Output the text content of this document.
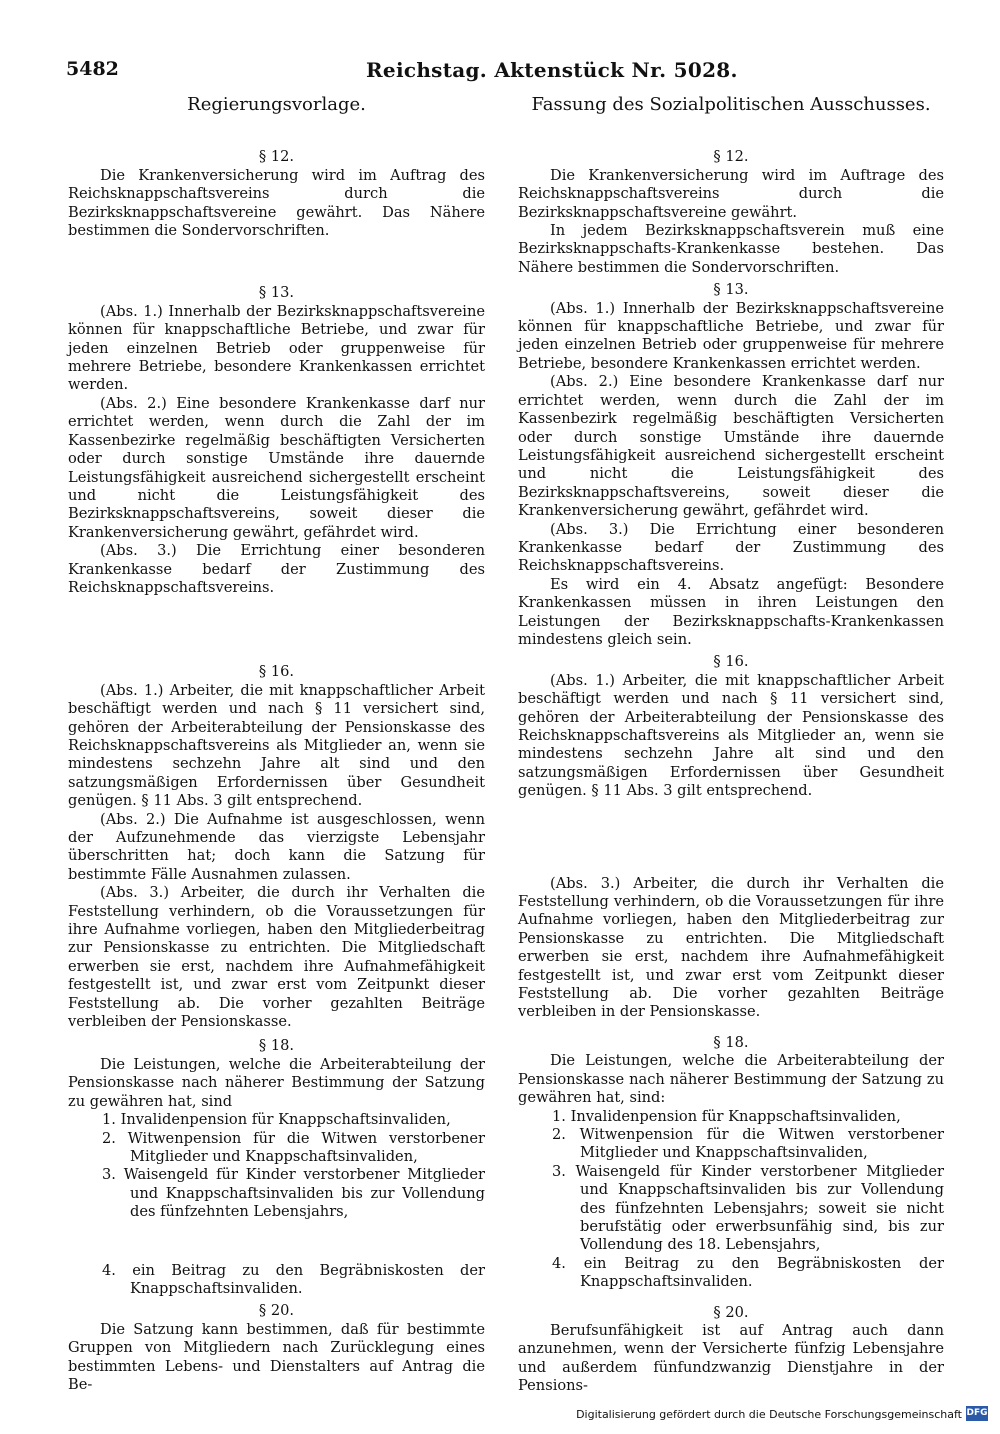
5482	Reichstag. Aktenstück Nr. 5028.
Regierungsvorlage.
§ 12.

Die Krankenversicherung wird im Auftrag des Reichsknappschaftsvereins durch die Bezirksknappschaftsvereine gewährt. Das Nähere bestimmen die Sondervorschriften.

§ 13.

(Abs. 1.) Innerhalb der Bezirksknappschaftsvereine können für knappschaftliche Betriebe, und zwar für jeden einzelnen Betrieb oder gruppenweise für mehrere Betriebe, besondere Krankenkassen errichtet werden.

(Abs. 2.) Eine besondere Krankenkasse darf nur errichtet werden, wenn durch die Zahl der im Kassenbezirke regelmäßig beschäftigten Versicherten oder durch sonstige Umstände ihre dauernde Leistungsfähigkeit ausreichend sichergestellt erscheint und nicht die Leistungsfähigkeit des Bezirksknappschaftsvereins, soweit dieser die Krankenversicherung gewährt, gefährdet wird.

(Abs. 3.) Die Errichtung einer besonderen Krankenkasse bedarf der Zustimmung des Reichsknappschaftsvereins.

§ 16.

(Abs. 1.) Arbeiter, die mit knappschaftlicher Arbeit beschäftigt werden und nach § 11 versichert sind, gehören der Arbeiterabteilung der Pensionskasse des Reichsknappschaftsvereins als Mitglieder an, wenn sie mindestens sechzehn Jahre alt sind und den satzungsmäßigen Erfordernissen über Gesundheit genügen. § 11 Abs. 3 gilt entsprechend.

(Abs. 2.) Die Aufnahme ist ausgeschlossen, wenn der Aufzunehmende das vierzigste Lebensjahr überschritten hat; doch kann die Satzung für bestimmte Fälle Ausnahmen zulassen.

(Abs. 3.) Arbeiter, die durch ihr Verhalten die Feststellung verhindern, ob die Voraussetzungen für ihre Aufnahme vorliegen, haben den Mitgliederbeitrag zur Pensionskasse zu entrichten. Die Mitgliedschaft erwerben sie erst, nachdem ihre Aufnahmefähigkeit festgestellt ist, und zwar erst vom Zeitpunkt dieser Feststellung ab. Die vorher gezahlten Beiträge verbleiben der Pensionskasse.

§ 18.

Die Leistungen, welche die Arbeiterabteilung der Pensionskasse nach näherer Bestimmung der Satzung zu gewähren hat, sind

1. Invalidenpension für Knappschaftsinvaliden,

2. Witwenpension für die Witwen verstorbener Mitglieder und Knappschaftsinvaliden,

3. Waisengeld für Kinder verstorbener Mitglieder und Knappschaftsinvaliden bis zur Vollendung des fünfzehnten Lebensjahrs,

4. ein Beitrag zu den Begräbniskosten der Knappschaftsinvaliden.

§ 20.

Die Satzung kann bestimmen, daß für bestimmte Gruppen von Mitgliedern nach Zurücklegung eines bestimmten Lebens- und Dienstalters auf Antrag die Be-

Fassung des Sozialpolitischen Ausschusses.
§ 12.

Die Krankenversicherung wird im Auftrage des Reichsknappschaftsvereins durch die Bezirksknappschaftsvereine gewährt.

In jedem Bezirksknappschaftsverein muß eine Bezirksknappschafts-Krankenkasse bestehen. Das Nähere bestimmen die Sondervorschriften.

§ 13.

(Abs. 1.) Innerhalb der Bezirksknappschaftsvereine können für knappschaftliche Betriebe, und zwar für jeden einzelnen Betrieb oder gruppenweise für mehrere Betriebe, besondere Krankenkassen errichtet werden.

(Abs. 2.) Eine besondere Krankenkasse darf nur errichtet werden, wenn durch die Zahl der im Kassenbezirk regelmäßig beschäftigten Versicherten oder durch sonstige Umstände ihre dauernde Leistungsfähigkeit ausreichend sichergestellt erscheint und nicht die Leistungsfähigkeit des Bezirksknappschaftsvereins, soweit dieser die Krankenversicherung gewährt, gefährdet wird.

(Abs. 3.) Die Errichtung einer besonderen Krankenkasse bedarf der Zustimmung des Reichsknappschaftsvereins.

Es wird ein 4. Absatz angefügt: Besondere Krankenkassen müssen in ihren Leistungen den Leistungen der Bezirksknappschafts-Krankenkassen mindestens gleich sein.

§ 16.

(Abs. 1.) Arbeiter, die mit knappschaftlicher Arbeit beschäftigt werden und nach § 11 versichert sind, gehören der Arbeiterabteilung der Pensionskasse des Reichsknappschaftsvereins als Mitglieder an, wenn sie mindestens sechzehn Jahre alt sind und den satzungsmäßigen Erfordernissen über Gesundheit genügen. § 11 Abs. 3 gilt entsprechend.

(Abs. 3.) Arbeiter, die durch ihr Verhalten die Feststellung verhindern, ob die Voraussetzungen für ihre Aufnahme vorliegen, haben den Mitgliederbeitrag zur Pensionskasse zu entrichten. Die Mitgliedschaft erwerben sie erst, nachdem ihre Aufnahmefähigkeit festgestellt ist, und zwar erst vom Zeitpunkt dieser Feststellung ab. Die vorher gezahlten Beiträge verbleiben in der Pensionskasse.

§ 18.

Die Leistungen, welche die Arbeiterabteilung der Pensionskasse nach näherer Bestimmung der Satzung zu gewähren hat, sind:

1. Invalidenpension für Knappschaftsinvaliden,

2. Witwenpension für die Witwen verstorbener Mitglieder und Knappschaftsinvaliden,

3. Waisengeld für Kinder verstorbener Mitglieder und Knappschaftsinvaliden bis zur Vollendung des fünfzehnten Lebensjahrs; soweit sie nicht berufstätig oder erwerbsunfähig sind, bis zur Vollendung des 18. Lebensjahrs,

4. ein Beitrag zu den Begräbniskosten der Knappschaftsinvaliden.

§ 20.

Berufsunfähigkeit ist auf Antrag auch dann anzunehmen, wenn der Versicherte fünfzig Lebensjahre und außerdem fünfundzwanzig Dienstjahre in der Pensions-

Digitalisierung gefördert durch die Deutsche Forschungsgemeinschaft DFG
